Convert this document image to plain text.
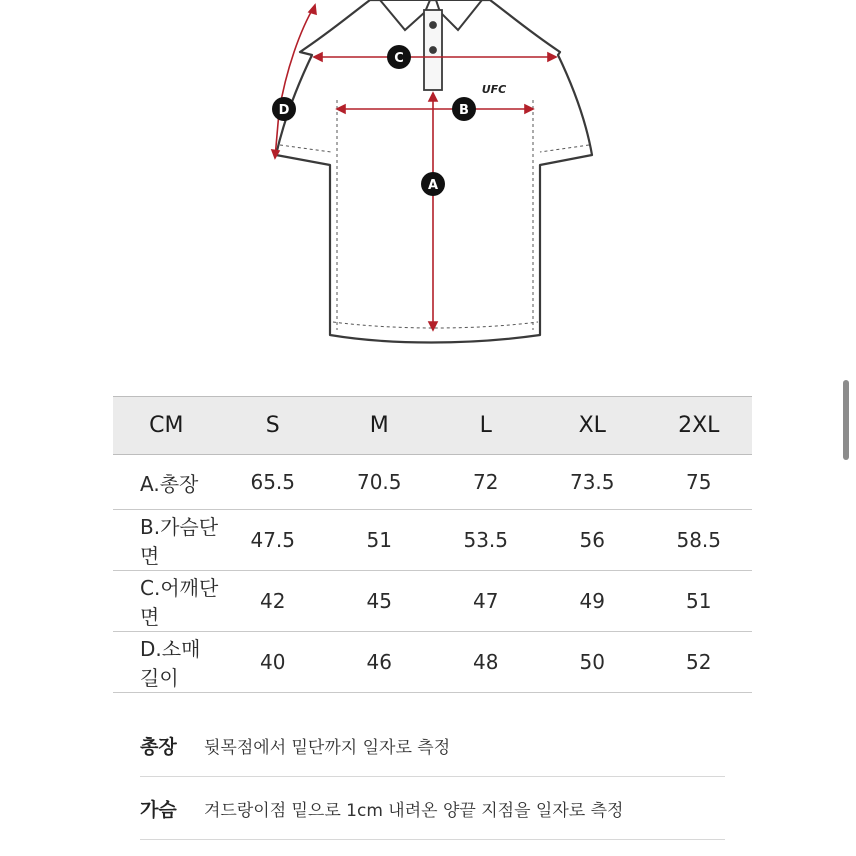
UFC
C
B
A
D
CM	S	M	L	XL	2XL
A.총장	65.5	70.5	72	73.5	75
B.가슴단면	47.5	51	53.5	56	58.5
C.어깨단면	42	45	47	49	51
D.소매길이	40	46	48	50	52
총장	뒷목점에서 밑단까지 일자로 측정
가슴	겨드랑이점 밑으로 1cm 내려온 양끝 지점을 일자로 측정
